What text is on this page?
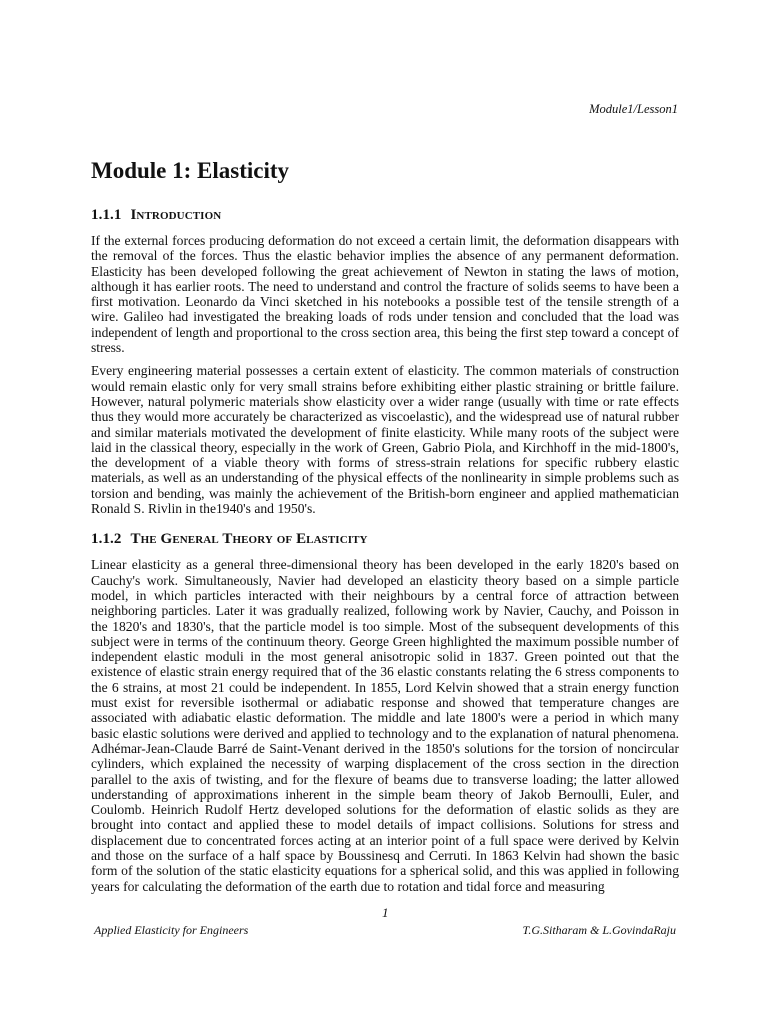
Module1/Lesson1
Module 1: Elasticity
1.1.1 Introduction

If the external forces producing deformation do not exceed a certain limit, the deformation disappears with the removal of the forces. Thus the elastic behavior implies the absence of any permanent deformation. Elasticity has been developed following the great achievement of Newton in stating the laws of motion, although it has earlier roots. The need to understand and control the fracture of solids seems to have been a first motivation. Leonardo da Vinci sketched in his notebooks a possible test of the tensile strength of a wire. Galileo had investigated the breaking loads of rods under tension and concluded that the load was independent of length and proportional to the cross section area, this being the first step toward a concept of stress.

Every engineering material possesses a certain extent of elasticity. The common materials of construction would remain elastic only for very small strains before exhibiting either plastic straining or brittle failure. However, natural polymeric materials show elasticity over a wider range (usually with time or rate effects thus they would more accurately be characterized as viscoelastic), and the widespread use of natural rubber and similar materials motivated the development of finite elasticity. While many roots of the subject were laid in the classical theory, especially in the work of Green, Gabrio Piola, and Kirchhoff in the mid-1800's, the development of a viable theory with forms of stress-strain relations for specific rubbery elastic materials, as well as an understanding of the physical effects of the nonlinearity in simple problems such as torsion and bending, was mainly the achievement of the British-born engineer and applied mathematician Ronald S. Rivlin in the1940's and 1950's.

1.1.2 The General Theory of Elasticity

Linear elasticity as a general three-dimensional theory has been developed in the early 1820's based on Cauchy's work. Simultaneously, Navier had developed an elasticity theory based on a simple particle model, in which particles interacted with their neighbours by a central force of attraction between neighboring particles. Later it was gradually realized, following work by Navier, Cauchy, and Poisson in the 1820's and 1830's, that the particle model is too simple. Most of the subsequent developments of this subject were in terms of the continuum theory. George Green highlighted the maximum possible number of independent elastic moduli in the most general anisotropic solid in 1837. Green pointed out that the existence of elastic strain energy required that of the 36 elastic constants relating the 6 stress components to the 6 strains, at most 21 could be independent. In 1855, Lord Kelvin showed that a strain energy function must exist for reversible isothermal or adiabatic response and showed that temperature changes are associated with adiabatic elastic deformation. The middle and late 1800's were a period in which many basic elastic solutions were derived and applied to technology and to the explanation of natural phenomena. Adhémar-Jean-Claude Barré de Saint-Venant derived in the 1850's solutions for the torsion of noncircular cylinders, which explained the necessity of warping displacement of the cross section in the direction parallel to the axis of twisting, and for the flexure of beams due to transverse loading; the latter allowed understanding of approximations inherent in the simple beam theory of Jakob Bernoulli, Euler, and Coulomb. Heinrich Rudolf Hertz developed solutions for the deformation of elastic solids as they are brought into contact and applied these to model details of impact collisions. Solutions for stress and displacement due to concentrated forces acting at an interior point of a full space were derived by Kelvin and those on the surface of a half space by Boussinesq and Cerruti. In 1863 Kelvin had shown the basic form of the solution of the static elasticity equations for a spherical solid, and this was applied in following years for calculating the deformation of the earth due to rotation and tidal force and measuring

1
Applied Elasticity for Engineers	T.G.Sitharam & L.GovindaRaju
